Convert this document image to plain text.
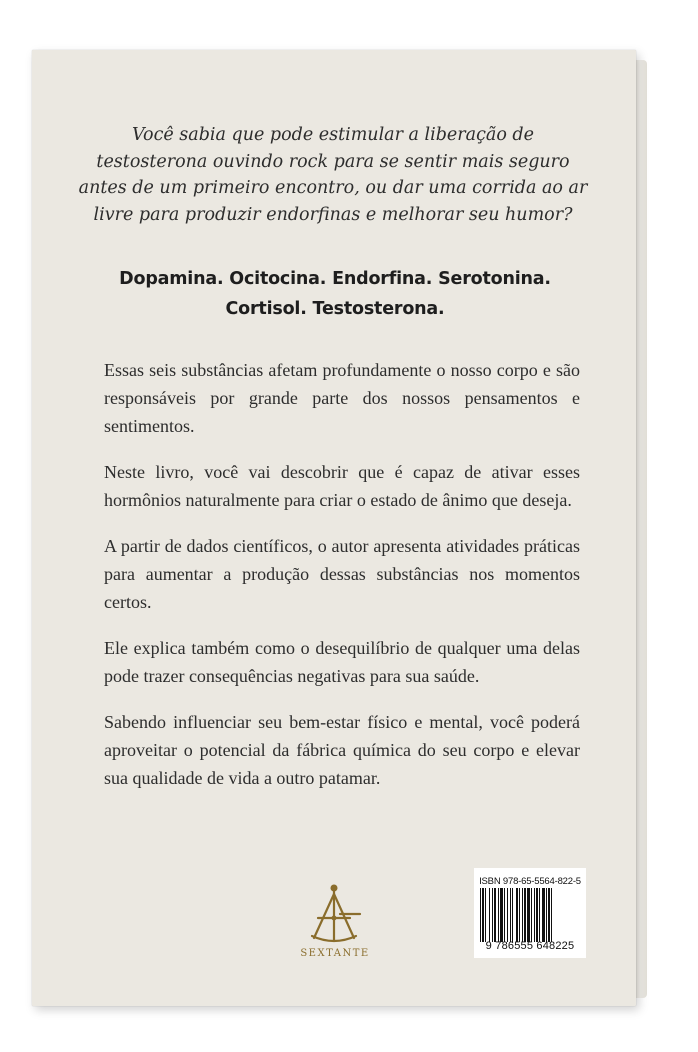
Você sabia que pode estimular a liberação de testosterona ouvindo rock para se sentir mais seguro antes de um primeiro encontro, ou dar uma corrida ao ar livre para produzir endorfinas e melhorar seu humor?

Dopamina. Ocitocina. Endorfina. Serotonina.
Cortisol. Testosterona.

Essas seis substâncias afetam profundamente o nosso corpo e são responsáveis por grande parte dos nossos pensamentos e sentimentos.

Neste livro, você vai descobrir que é capaz de ativar esses hormônios naturalmente para criar o estado de ânimo que deseja.

A partir de dados científicos, o autor apresenta atividades práticas para aumentar a produção dessas substâncias nos momentos certos.

Ele explica também como o desequilíbrio de qualquer uma delas pode trazer consequências negativas para sua saúde.

Sabendo influenciar seu bem-estar físico e mental, você poderá aproveitar o potencial da fábrica química do seu corpo e elevar sua qualidade de vida a outro patamar.

SEXTANTE

ISBN 978-65-5564-822-5

9 786555 648225
